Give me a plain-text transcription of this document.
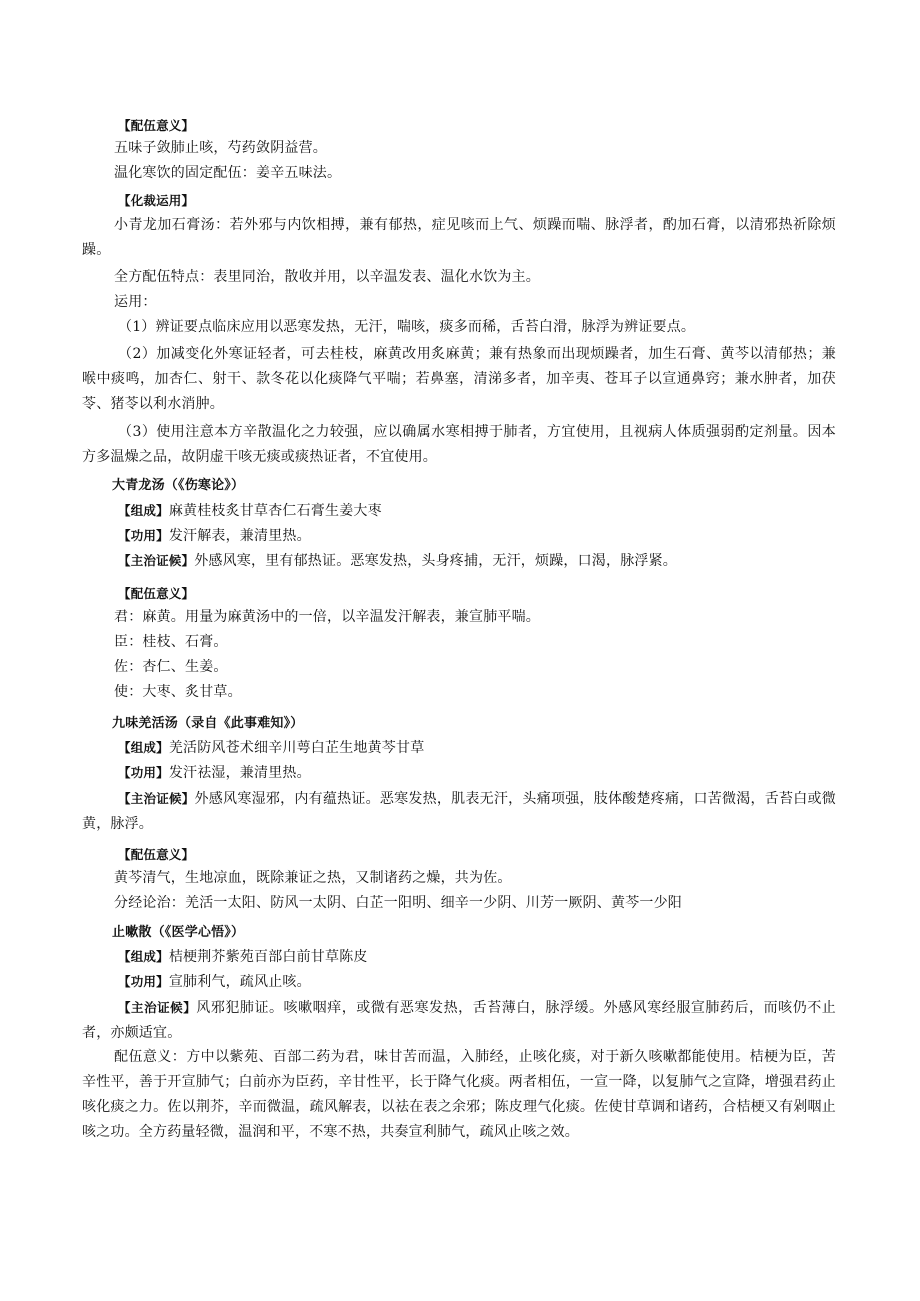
【配伍意义】
五味子敛肺止咳，芍药敛阴益营。
温化寒饮的固定配伍：姜辛五味法。
【化裁运用】
小青龙加石膏汤：若外邪与内饮相搏，兼有郁热，症见咳而上气、烦躁而喘、脉浮者，酌加石膏，以清邪热祈除烦躁。
全方配伍特点：表里同治，散收并用，以辛温发表、温化水饮为主。
运用：
（1）辨证要点临床应用以恶寒发热，无汗，喘咳，痰多而稀，舌苔白滑，脉浮为辨证要点。
（2）加减变化外寒证轻者，可去桂枝，麻黄改用炙麻黄；兼有热象而出现烦躁者，加生石膏、黄芩以清郁热；兼喉中痰鸣，加杏仁、射干、款冬花以化痰降气平喘；若鼻塞，清涕多者，加辛夷、苍耳子以宣通鼻窍；兼水肿者，加茯苓、猪苓以利水消肿。
（3）使用注意本方辛散温化之力较强，应以确属水寒相搏于肺者，方宜使用，且视病人体质强弱酌定剂量。因本方多温燥之品，故阴虚干咳无痰或痰热证者，不宜使用。
大青龙汤（《伤寒论》）
【组成】麻黄桂枝炙甘草杏仁石膏生姜大枣
【功用】发汗解表，兼清里热。
【主治证候】外感风寒，里有郁热证。恶寒发热，头身疼捕，无汗，烦躁，口渴，脉浮紧。
【配伍意义】
君：麻黄。用量为麻黄汤中的一倍，以辛温发汗解表，兼宣肺平喘。
臣：桂枝、石膏。
佐：杏仁、生姜。
使：大枣、炙甘草。
九味羌活汤（录自《此事难知》）
【组成】羌活防风苍术细辛川萼白芷生地黄芩甘草
【功用】发汗祛湿，兼清里热。
【主治证候】外感风寒湿邪，内有蕴热证。恶寒发热，肌表无汗，头痛项强，肢体酸楚疼痛，口苦微渴，舌苔白或微黄，脉浮。
【配伍意义】
黄芩清气，生地凉血，既除兼证之热，又制诸药之燥，共为佐。
分经论治：羌活一太阳、防风一太阴、白芷一阳明、细辛一少阴、川芳一厥阴、黄芩一少阳
止嗽散（《医学心悟》）
【组成】桔梗荆芥紫苑百部白前甘草陈皮
【功用】宣肺利气，疏风止咳。
【主治证候】风邪犯肺证。咳嗽咽痒，或微有恶寒发热，舌苔薄白，脉浮缓。外感风寒经服宣肺药后，而咳仍不止者，亦颇适宜。
配伍意义：方中以紫苑、百部二药为君，味甘苦而温，入肺经，止咳化痰，对于新久咳嗽都能使用。桔梗为臣，苦辛性平，善于开宣肺气；白前亦为臣药，辛甘性平，长于降气化痰。两者相伍，一宣一降，以复肺气之宣降，增强君药止咳化痰之力。佐以荆芥，辛而微温，疏风解表，以祛在表之余邪；陈皮理气化痰。佐使甘草调和诸药，合桔梗又有剁咽止咳之功。全方药量轻微，温润和平，不寒不热，共奏宣利肺气，疏风止咳之效。
